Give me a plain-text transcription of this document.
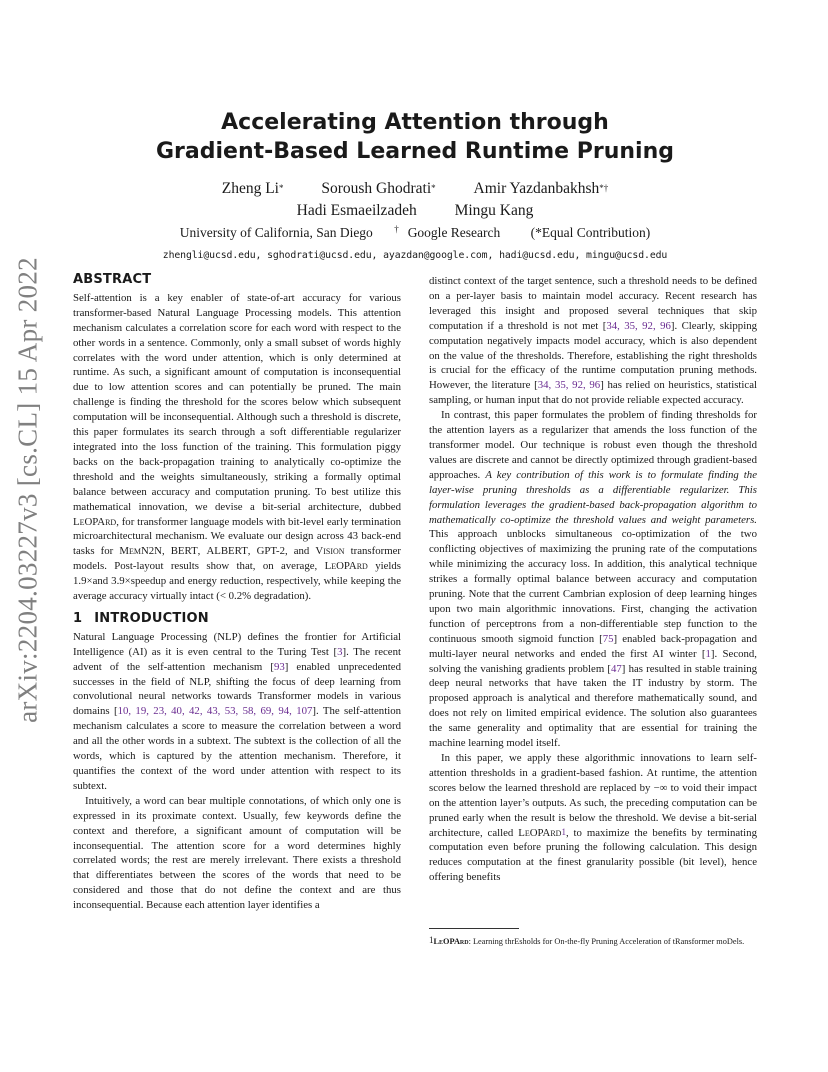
arXiv:2204.03227v3 [cs.CL] 15 Apr 2022
Accelerating Attention through
Gradient-Based Learned Runtime Pruning
Zheng Li* Soroush Ghodrati* Amir Yazdanbakhsh*†
Hadi Esmaeilzadeh Mingu Kang
University of California, San Diego † Google Research (*Equal Contribution)
zhengli@ucsd.edu, sghodrati@ucsd.edu, ayazdan@google.com, hadi@ucsd.edu, mingu@ucsd.edu
ABSTRACT

Self-attention is a key enabler of state-of-art accuracy for various transformer-based Natural Language Processing models. This attention mechanism calculates a correlation score for each word with respect to the other words in a sentence. Commonly, only a small subset of words highly correlates with the word under attention, which is only determined at runtime. As such, a significant amount of computation is inconsequential due to low attention scores and can potentially be pruned. The main challenge is finding the threshold for the scores below which subsequent computation will be inconsequential. Although such a threshold is discrete, this paper formulates its search through a soft differentiable regularizer integrated into the loss function of the training. This formulation piggy backs on the back-propagation training to analytically co-optimize the threshold and the weights simultaneously, striking a formally optimal balance between accuracy and computation pruning. To best utilize this mathematical innovation, we devise a bit-serial architecture, dubbed LeOPArd, for transformer language models with bit-level early termination microarchitectural mechanism. We evaluate our design across 43 back-end tasks for MemN2N, BERT, ALBERT, GPT-2, and Vision transformer models. Post-layout results show that, on average, LeOPArd yields 1.9×and 3.9×speedup and energy reduction, respectively, while keeping the average accuracy virtually intact (< 0.2% degradation).

1 INTRODUCTION

Natural Language Processing (NLP) defines the frontier for Artificial Intelligence (AI) as it is even central to the Turing Test [3]. The recent advent of the self-attention mechanism [93] enabled unprecedented successes in the field of NLP, shifting the focus of deep learning from convolutional neural networks towards Transformer models in various domains [10, 19, 23, 40, 42, 43, 53, 58, 69, 94, 107]. The self-attention mechanism calculates a score to measure the correlation between a word and all the other words in a subtext. The subtext is the collection of all the words, which is captured by the attention mechanism. Therefore, it quantifies the context of the word under attention with respect to its subtext.

Intuitively, a word can bear multiple connotations, of which only one is expressed in its proximate context. Usually, few keywords define the context and therefore, a significant amount of computation will be inconsequential. The attention score for a word determines highly correlated words; the rest are merely irrelevant. There exists a threshold that differentiates between the scores of the words that need to be considered and those that do not define the context and are thus inconsequential. Because each attention layer identifies a

distinct context of the target sentence, such a threshold needs to be defined on a per-layer basis to maintain model accuracy. Recent research has leveraged this insight and proposed several techniques that skip computation if a threshold is not met [34, 35, 92, 96]. Clearly, skipping computation negatively impacts model accuracy, which is also dependent on the value of the thresholds. Therefore, establishing the right thresholds is crucial for the efficacy of the runtime computation pruning methods. However, the literature [34, 35, 92, 96] has relied on heuristics, statistical sampling, or human input that do not provide reliable expected accuracy.

In contrast, this paper formulates the problem of finding thresholds for the attention layers as a regularizer that amends the loss function of the transformer model. Our technique is robust even though the threshold values are discrete and cannot be directly optimized through gradient-based approaches. A key contribution of this work is to formulate finding the layer-wise pruning thresholds as a differentiable regularizer. This formulation leverages the gradient-based back-propagation algorithm to mathematically co-optimize the threshold values and weight parameters. This approach unblocks simultaneous co-optimization of the two conflicting objectives of maximizing the pruning rate of the computations while minimizing the accuracy loss. In addition, this analytical technique strikes a formally optimal balance between accuracy and computation pruning. Note that the current Cambrian explosion of deep learning hinges upon two main algorithmic innovations. First, changing the activation function of perceptrons from a non-differentiable step function to the continuous smooth sigmoid function [75] enabled back-propagation and multi-layer neural networks and ended the first AI winter [1]. Second, solving the vanishing gradients problem [47] has resulted in stable training deep neural networks that have taken the IT industry by storm. The proposed approach is analytical and therefore mathematically sound, and does not rely on limited empirical evidence. The solution also guarantees the same generality and optimality that are essential for training the machine learning model itself.

In this paper, we apply these algorithmic innovations to learn self-attention thresholds in a gradient-based fashion. At runtime, the attention scores below the learned threshold are replaced by −∞ to void their impact on the attention layer’s outputs. As such, the preceding computation can be pruned early when the result is below the threshold. We devise a bit-serial architecture, called LeOPArd$^1$, to maximize the benefits by terminating computation even before pruning the following calculation. This design reduces computation at the finest granularity possible (bit level), hence offering benefits

$^1$LeOPArd: Learning thrEsholds for On-the-fly Pruning Acceleration of tRansformer moDels.
